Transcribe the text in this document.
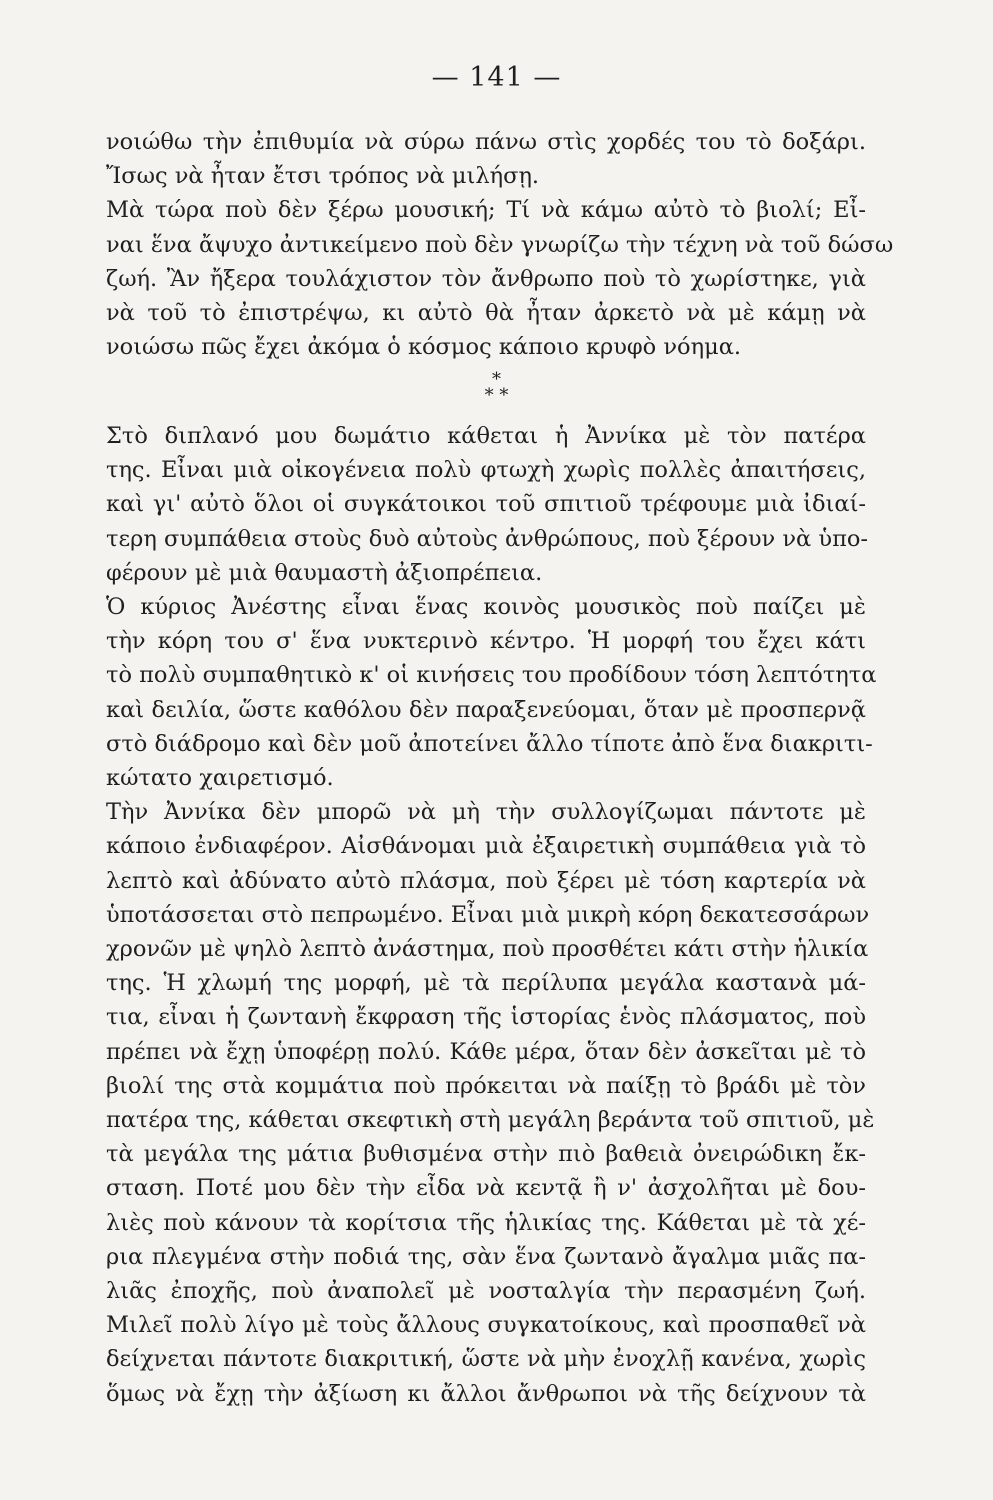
— 141 —
νοιώθω τὴν ἐπιθυμία νὰ σύρω πάνω στὶς χορδές του τὸ δοξάρι.
Ἴσως νὰ ἦταν ἔτσι τρόπος νὰ μιλήσῃ.
Μὰ τώρα ποὺ δὲν ξέρω μουσική; Τί νὰ κάμω αὐτὸ τὸ βιολί; Εἶ-
ναι ἕνα ἄψυχο ἀντικείμενο ποὺ δὲν γνωρίζω τὴν τέχνη νὰ τοῦ δώσω
ζωή. Ἂν ἤξερα τουλάχιστον τὸν ἄνθρωπο ποὺ τὸ χωρίστηκε, γιὰ
νὰ τοῦ τὸ ἐπιστρέψω, κι αὐτὸ θὰ ἦταν ἀρκετὸ νὰ μὲ κάμῃ νὰ
νοιώσω πῶς ἔχει ἀκόμα ὁ κόσμος κάποιο κρυφὸ νόημα.
*
* *
Στὸ διπλανό μου δωμάτιο κάθεται ἡ Ἀννίκα μὲ τὸν πατέρα
της. Εἶναι μιὰ οἰκογένεια πολὺ φτωχὴ χωρὶς πολλὲς ἀπαιτήσεις,
καὶ γι' αὐτὸ ὅλοι οἱ συγκάτοικοι τοῦ σπιτιοῦ τρέφουμε μιὰ ἰδιαί-
τερη συμπάθεια στοὺς δυὸ αὐτοὺς ἀνθρώπους, ποὺ ξέρουν νὰ ὑπο-
φέρουν μὲ μιὰ θαυμαστὴ ἀξιοπρέπεια.
Ὁ κύριος Ἀνέστης εἶναι ἕνας κοινὸς μουσικὸς ποὺ παίζει μὲ
τὴν κόρη του σ' ἕνα νυκτερινὸ κέντρο. Ἡ μορφή του ἔχει κάτι
τὸ πολὺ συμπαθητικὸ κ' οἱ κινήσεις του προδίδουν τόση λεπτότητα
καὶ δειλία, ὥστε καθόλου δὲν παραξενεύομαι, ὅταν μὲ προσπερνᾷ
στὸ διάδρομο καὶ δὲν μοῦ ἀποτείνει ἄλλο τίποτε ἀπὸ ἕνα διακριτι-
κώτατο χαιρετισμό.
Τὴν Ἀννίκα δὲν μπορῶ νὰ μὴ τὴν συλλογίζωμαι πάντοτε μὲ
κάποιο ἐνδιαφέρον. Αἰσθάνομαι μιὰ ἐξαιρετικὴ συμπάθεια γιὰ τὸ
λεπτὸ καὶ ἀδύνατο αὐτὸ πλάσμα, ποὺ ξέρει μὲ τόση καρτερία νὰ
ὑποτάσσεται στὸ πεπρωμένο. Εἶναι μιὰ μικρὴ κόρη δεκατεσσάρων
χρονῶν μὲ ψηλὸ λεπτὸ ἀνάστημα, ποὺ προσθέτει κάτι στὴν ἡλικία
της. Ἡ χλωμή της μορφή, μὲ τὰ περίλυπα μεγάλα καστανὰ μά-
τια, εἶναι ἡ ζωντανὴ ἔκφραση τῆς ἱστορίας ἑνὸς πλάσματος, ποὺ
πρέπει νὰ ἔχῃ ὑποφέρῃ πολύ. Κάθε μέρα, ὅταν δὲν ἀσκεῖται μὲ τὸ
βιολί της στὰ κομμάτια ποὺ πρόκειται νὰ παίξῃ τὸ βράδι μὲ τὸν
πατέρα της, κάθεται σκεφτικὴ στὴ μεγάλη βεράντα τοῦ σπιτιοῦ, μὲ
τὰ μεγάλα της μάτια βυθισμένα στὴν πιὸ βαθειὰ ὀνειρώδικη ἔκ-
σταση. Ποτέ μου δὲν τὴν εἶδα νὰ κεντᾷ ἢ ν' ἀσχολῆται μὲ δου-
λιὲς ποὺ κάνουν τὰ κορίτσια τῆς ἡλικίας της. Κάθεται μὲ τὰ χέ-
ρια πλεγμένα στὴν ποδιά της, σὰν ἕνα ζωντανὸ ἄγαλμα μιᾶς πα-
λιᾶς ἐποχῆς, ποὺ ἀναπολεῖ μὲ νοσταλγία τὴν περασμένη ζωή.
Μιλεῖ πολὺ λίγο μὲ τοὺς ἄλλους συγκατοίκους, καὶ προσπαθεῖ νὰ
δείχνεται πάντοτε διακριτική, ὥστε νὰ μὴν ἐνοχλῇ κανένα, χωρὶς
ὅμως νὰ ἔχῃ τὴν ἀξίωση κι ἄλλοι ἄνθρωποι νὰ τῆς δείχνουν τὰ
